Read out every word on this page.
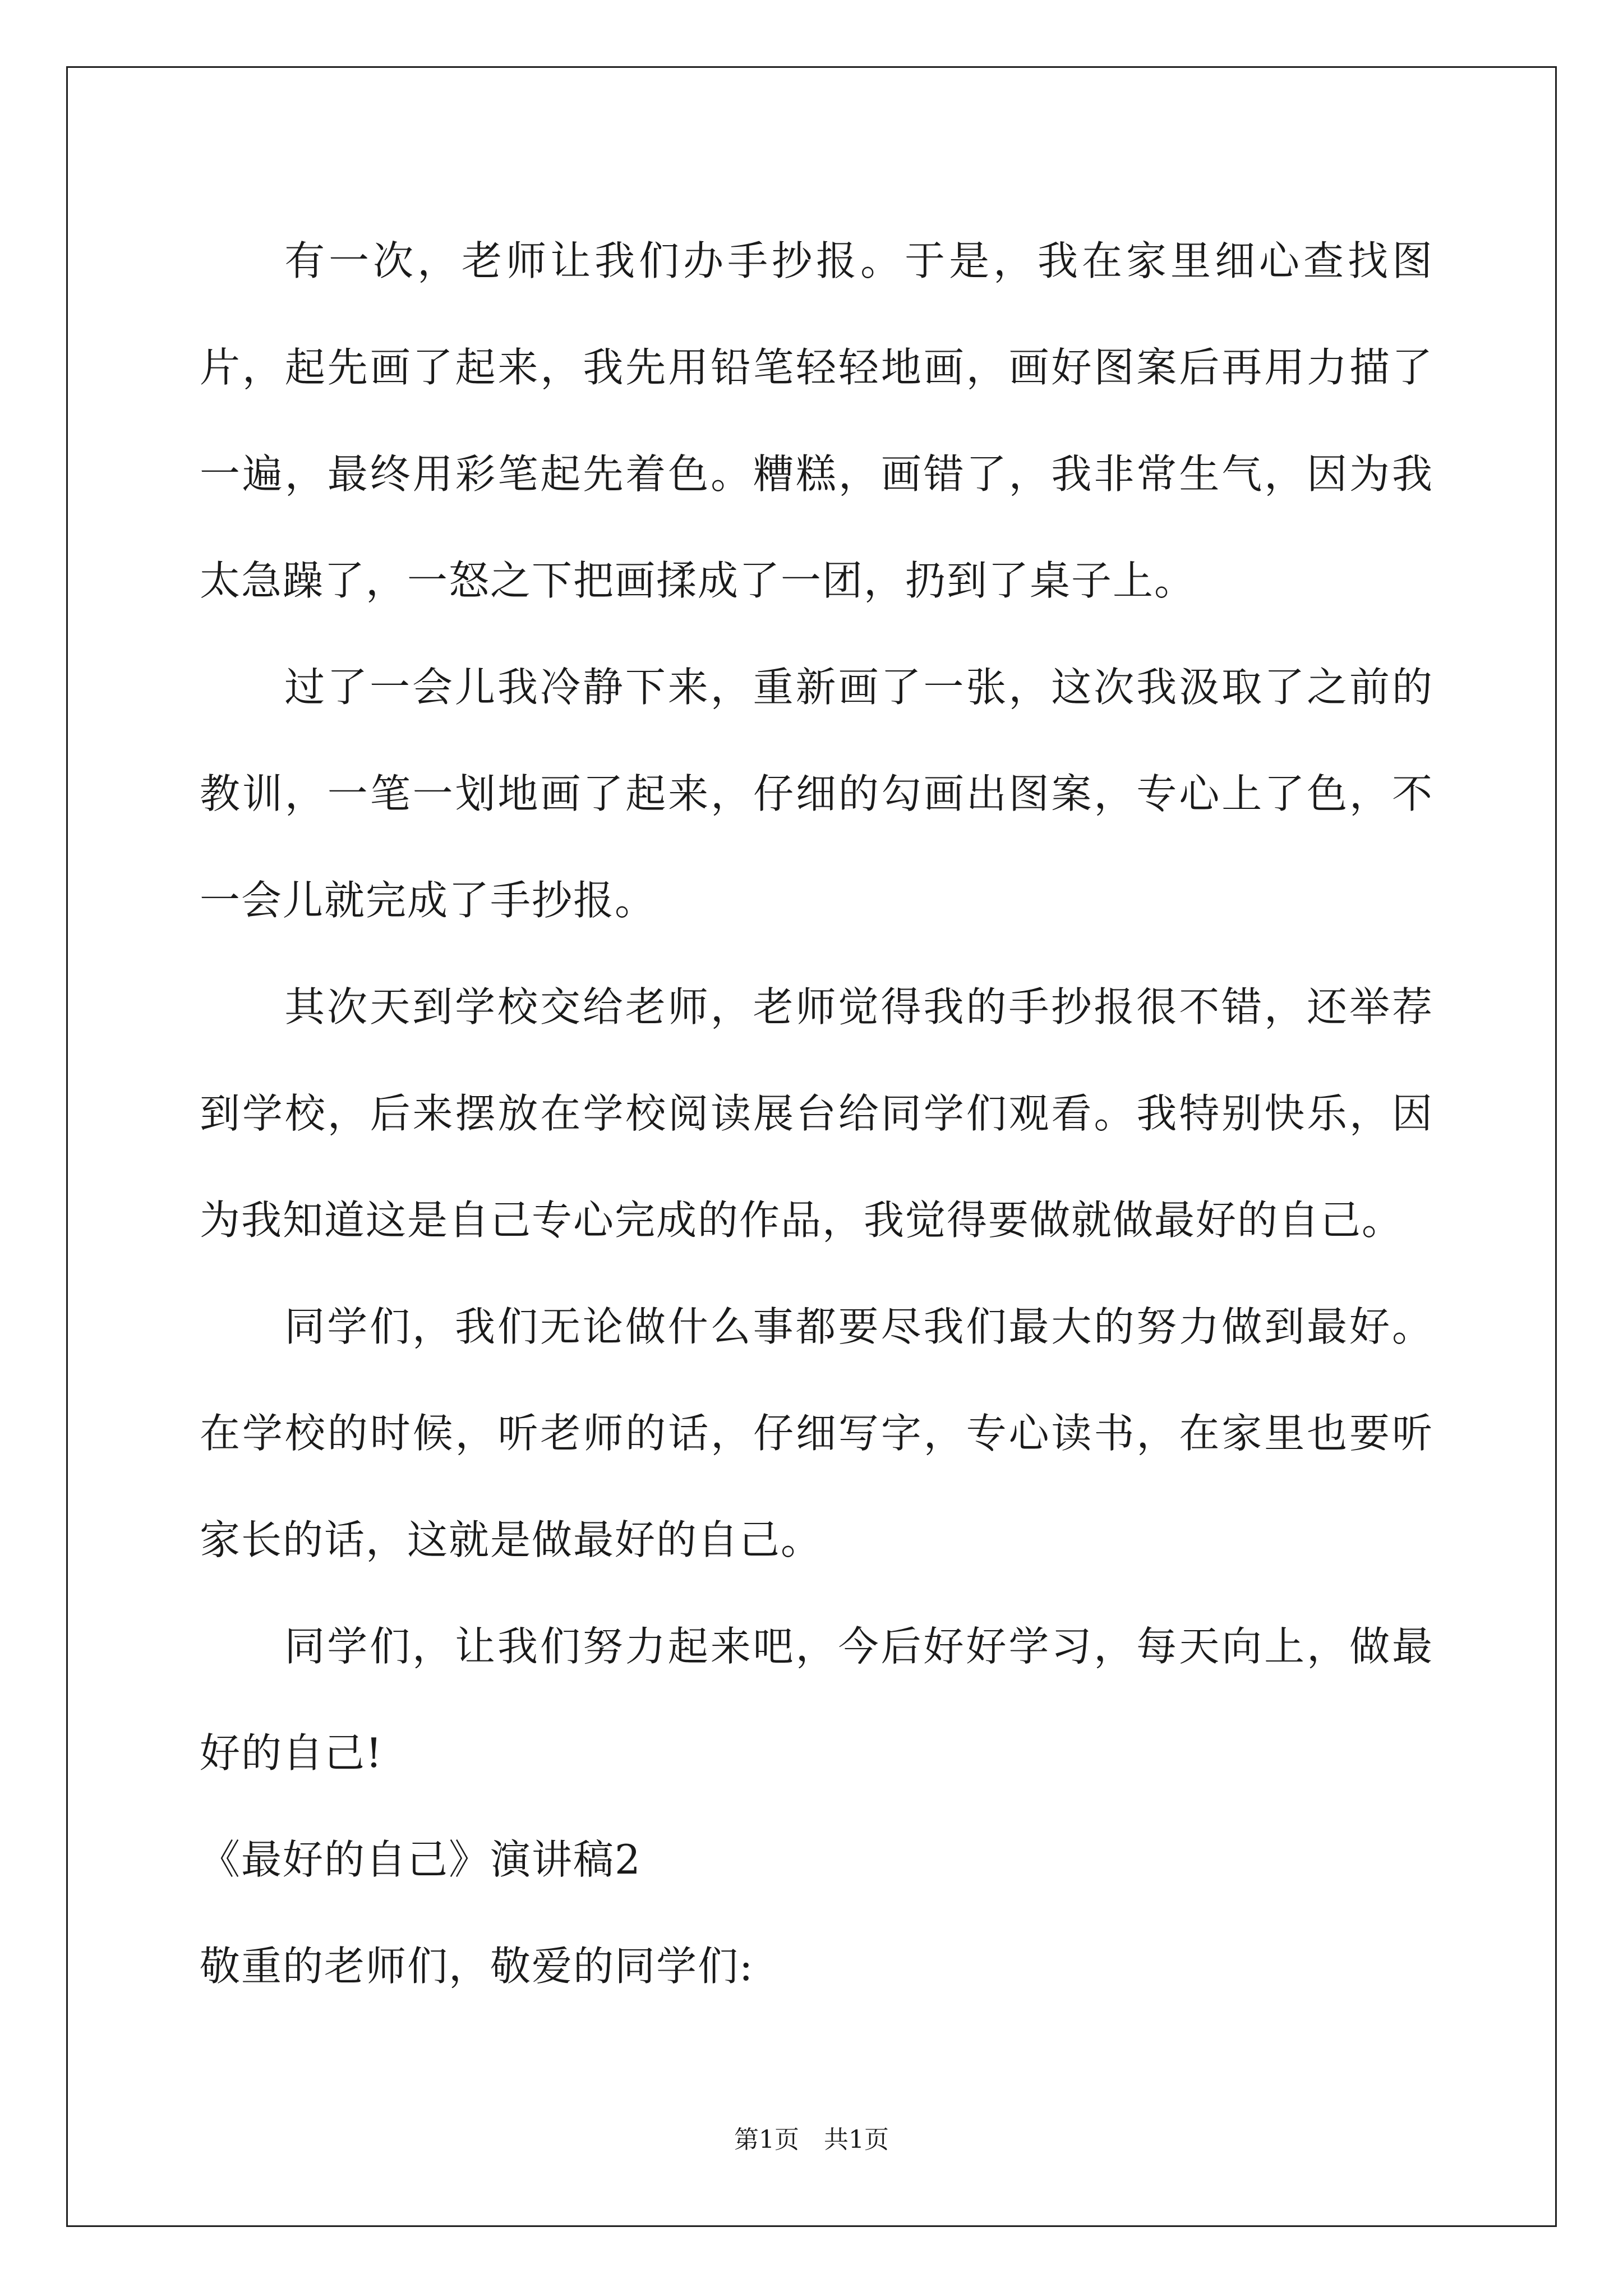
有一次，老师让我们办手抄报。于是，我在家里细心查找图片，起先画了起来，我先用铅笔轻轻地画，画好图案后再用力描了一遍，最终用彩笔起先着色。糟糕，画错了，我非常生气，因为我太急躁了，一怒之下把画揉成了一团，扔到了桌子上。

过了一会儿我冷静下来，重新画了一张，这次我汲取了之前的教训，一笔一划地画了起来，仔细的勾画出图案，专心上了色，不一会儿就完成了手抄报。

其次天到学校交给老师，老师觉得我的手抄报很不错，还举荐到学校，后来摆放在学校阅读展台给同学们观看。我特别快乐，因为我知道这是自己专心完成的作品，我觉得要做就做最好的自己。

同学们，我们无论做什么事都要尽我们最大的努力做到最好。在学校的时候，听老师的话，仔细写字，专心读书，在家里也要听家长的话，这就是做最好的自己。

同学们，让我们努力起来吧，今后好好学习，每天向上，做最好的自己!

《最好的自己》演讲稿2

敬重的老师们，敬爱的同学们:

第1页　共1页
